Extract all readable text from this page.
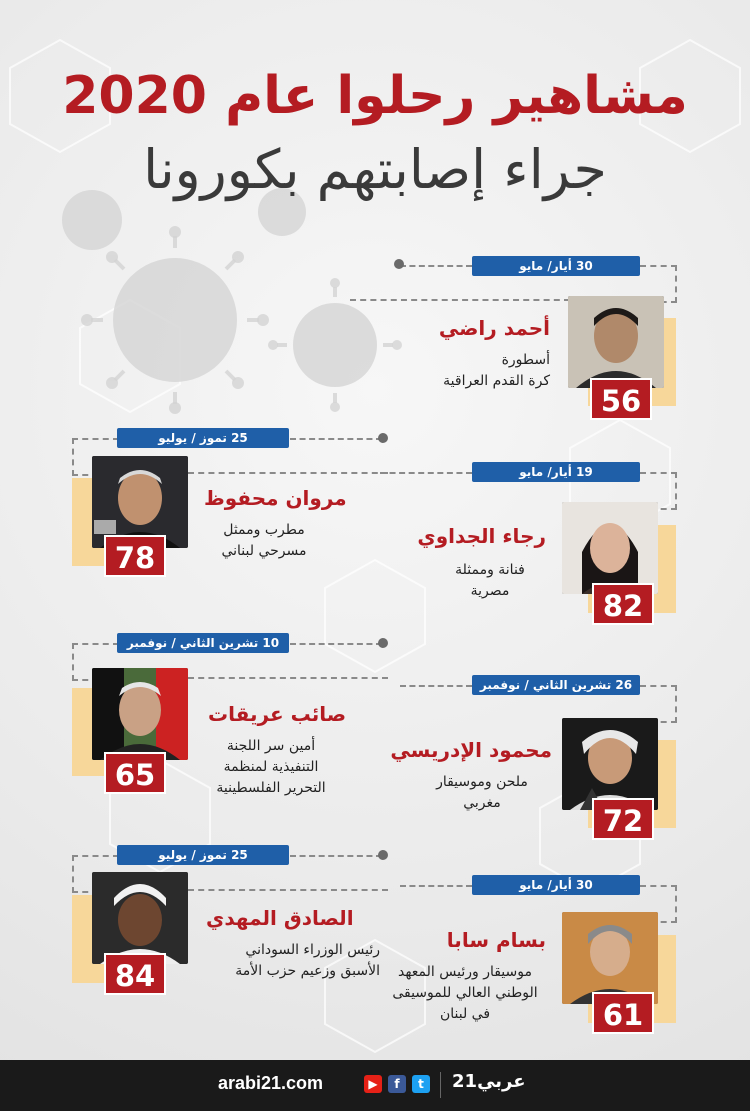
مشاهير رحلوا عام 2020
جراء إصابتهم بكورونا
30 أيار/ مايو
56
أحمد راضي
أسطورة
كرة القدم العراقية
25 تموز / يوليو
78
مروان محفوظ
مطرب وممثل
مسرحي لبناني
19 أيار/ مايو
82
رجاء الجداوي
فنانة وممثلة
مصرية
10 تشرين الثاني / نوفمبر
65
صائب عريقات
أمين سر اللجنة
التنفيذية لمنظمة
التحرير الفلسطينية
26 تشرين الثاني / نوفمبر
72
محمود الإدريسي
ملحن وموسيقار
مغربي
25 تموز / يوليو
84
الصادق المهدي
رئيس الوزراء السوداني
الأسبق وزعيم حزب الأمة
30 أيار/ مايو
61
بسام سابا
موسيقار ورئيس المعهد
الوطني العالي للموسيقى
في لبنان
arabi21.com	▶	f	t	عربي21
